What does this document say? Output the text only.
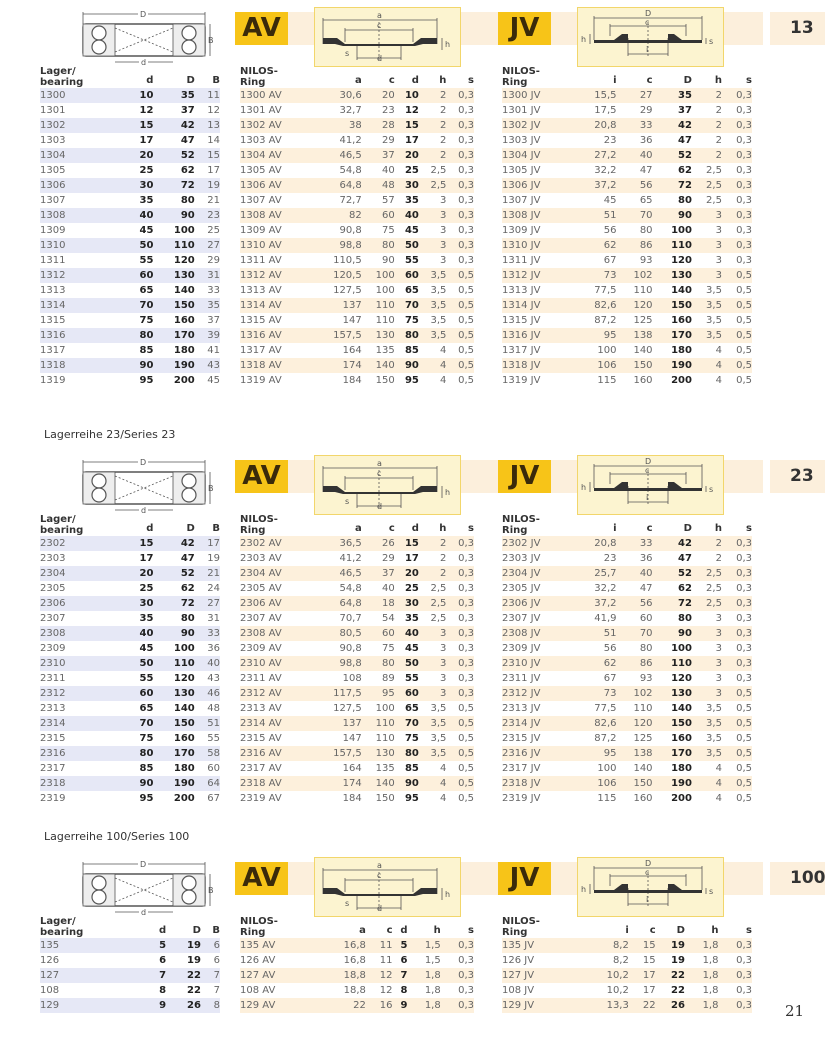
D
d
B AV	a
c
h
s
d
JV	D
c
h	s
i
13
Lager/
bearing	d	D	B
1300	10	35	11
1301	12	37	12
1302	15	42	13
1303	17	47	14
1304	20	52	15
1305	25	62	17
1306	30	72	19
1307	35	80	21
1308	40	90	23
1309	45	100	25
1310	50	110	27
1311	55	120	29
1312	60	130	31
1313	65	140	33
1314	70	150	35
1315	75	160	37
1316	80	170	39
1317	85	180	41
1318	90	190	43
1319	95	200	45
NILOS-
Ring	a	c	d	h	s
1300 AV	30,6	20	10	2	0,3
1301 AV	32,7	23	12	2	0,3
1302 AV	38	28	15	2	0,3
1303 AV	41,2	29	17	2	0,3
1304 AV	46,5	37	20	2	0,3
1305 AV	54,8	40	25	2,5	0,3
1306 AV	64,8	48	30	2,5	0,3
1307 AV	72,7	57	35	3	0,3
1308 AV	82	60	40	3	0,3
1309 AV	90,8	75	45	3	0,3
1310 AV	98,8	80	50	3	0,3
1311 AV	110,5	90	55	3	0,3
1312 AV	120,5	100	60	3,5	0,5
1313 AV	127,5	100	65	3,5	0,5
1314 AV	137	110	70	3,5	0,5
1315 AV	147	110	75	3,5	0,5
1316 AV	157,5	130	80	3,5	0,5
1317 AV	164	135	85	4	0,5
1318 AV	174	140	90	4	0,5
1319 AV	184	150	95	4	0,5
NILOS-
Ring	i	c	D	h	s
1300 JV	15,5	27	35	2	0,3
1301 JV	17,5	29	37	2	0,3
1302 JV	20,8	33	42	2	0,3
1303 JV	23	36	47	2	0,3
1304 JV	27,2	40	52	2	0,3
1305 JV	32,2	47	62	2,5	0,3
1306 JV	37,2	56	72	2,5	0,3
1307 JV	45	65	80	2,5	0,3
1308 JV	51	70	90	3	0,3
1309 JV	56	80	100	3	0,3
1310 JV	62	86	110	3	0,3
1311 JV	67	93	120	3	0,3
1312 JV	73	102	130	3	0,5
1313 JV	77,5	110	140	3,5	0,5
1314 JV	82,6	120	150	3,5	0,5
1315 JV	87,2	125	160	3,5	0,5
1316 JV	95	138	170	3,5	0,5
1317 JV	100	140	180	4	0,5
1318 JV	106	150	190	4	0,5
1319 JV	115	160	200	4	0,5
Lagerreihe 23/Series 23
D
d
B AV	a
c
h
s
d
JV	D
c
h	s
i
23
Lager/
bearing	d	D	B
2302	15	42	17
2303	17	47	19
2304	20	52	21
2305	25	62	24
2306	30	72	27
2307	35	80	31
2308	40	90	33
2309	45	100	36
2310	50	110	40
2311	55	120	43
2312	60	130	46
2313	65	140	48
2314	70	150	51
2315	75	160	55
2316	80	170	58
2317	85	180	60
2318	90	190	64
2319	95	200	67
NILOS-
Ring	a	c	d	h	s
2302 AV	36,5	26	15	2	0,3
2303 AV	41,2	29	17	2	0,3
2304 AV	46,5	37	20	2	0,3
2305 AV	54,8	40	25	2,5	0,3
2306 AV	64,8	18	30	2,5	0,3
2307 AV	70,7	54	35	2,5	0,3
2308 AV	80,5	60	40	3	0,3
2309 AV	90,8	75	45	3	0,3
2310 AV	98,8	80	50	3	0,3
2311 AV	108	89	55	3	0,3
2312 AV	117,5	95	60	3	0,3
2313 AV	127,5	100	65	3,5	0,5
2314 AV	137	110	70	3,5	0,5
2315 AV	147	110	75	3,5	0,5
2316 AV	157,5	130	80	3,5	0,5
2317 AV	164	135	85	4	0,5
2318 AV	174	140	90	4	0,5
2319 AV	184	150	95	4	0,5
NILOS-
Ring	i	c	D	h	s
2302 JV	20,8	33	42	2	0,3
2303 JV	23	36	47	2	0,3
2304 JV	25,7	40	52	2,5	0,3
2305 JV	32,2	47	62	2,5	0,3
2306 JV	37,2	56	72	2,5	0,3
2307 JV	41,9	60	80	3	0,3
2308 JV	51	70	90	3	0,3
2309 JV	56	80	100	3	0,3
2310 JV	62	86	110	3	0,3
2311 JV	67	93	120	3	0,3
2312 JV	73	102	130	3	0,5
2313 JV	77,5	110	140	3,5	0,5
2314 JV	82,6	120	150	3,5	0,5
2315 JV	87,2	125	160	3,5	0,5
2316 JV	95	138	170	3,5	0,5
2317 JV	100	140	180	4	0,5
2318 JV	106	150	190	4	0,5
2319 JV	115	160	200	4	0,5
Lagerreihe 100/Series 100
D
d
B AV	a
c
h
s
d
JV	D
c
h	s
i
100
Lager/
bearing	d	D	B
135	5	19	6
126	6	19	6
127	7	22	7
108	8	22	7
129	9	26	8
NILOS-
Ring	a	c	d	h	s
135 AV	16,8	11	5	1,5	0,3
126 AV	16,8	11	6	1,5	0,3
127 AV	18,8	12	7	1,8	0,3
108 AV	18,8	12	8	1,8	0,3
129 AV	22	16	9	1,8	0,3
NILOS-
Ring	i	c	D	h	s
135 JV	8,2	15	19	1,8	0,3
126 JV	8,2	15	19	1,8	0,3
127 JV	10,2	17	22	1,8	0,3
108 JV	10,2	17	22	1,8	0,3
129 JV	13,3	22	26	1,8	0,3 21
